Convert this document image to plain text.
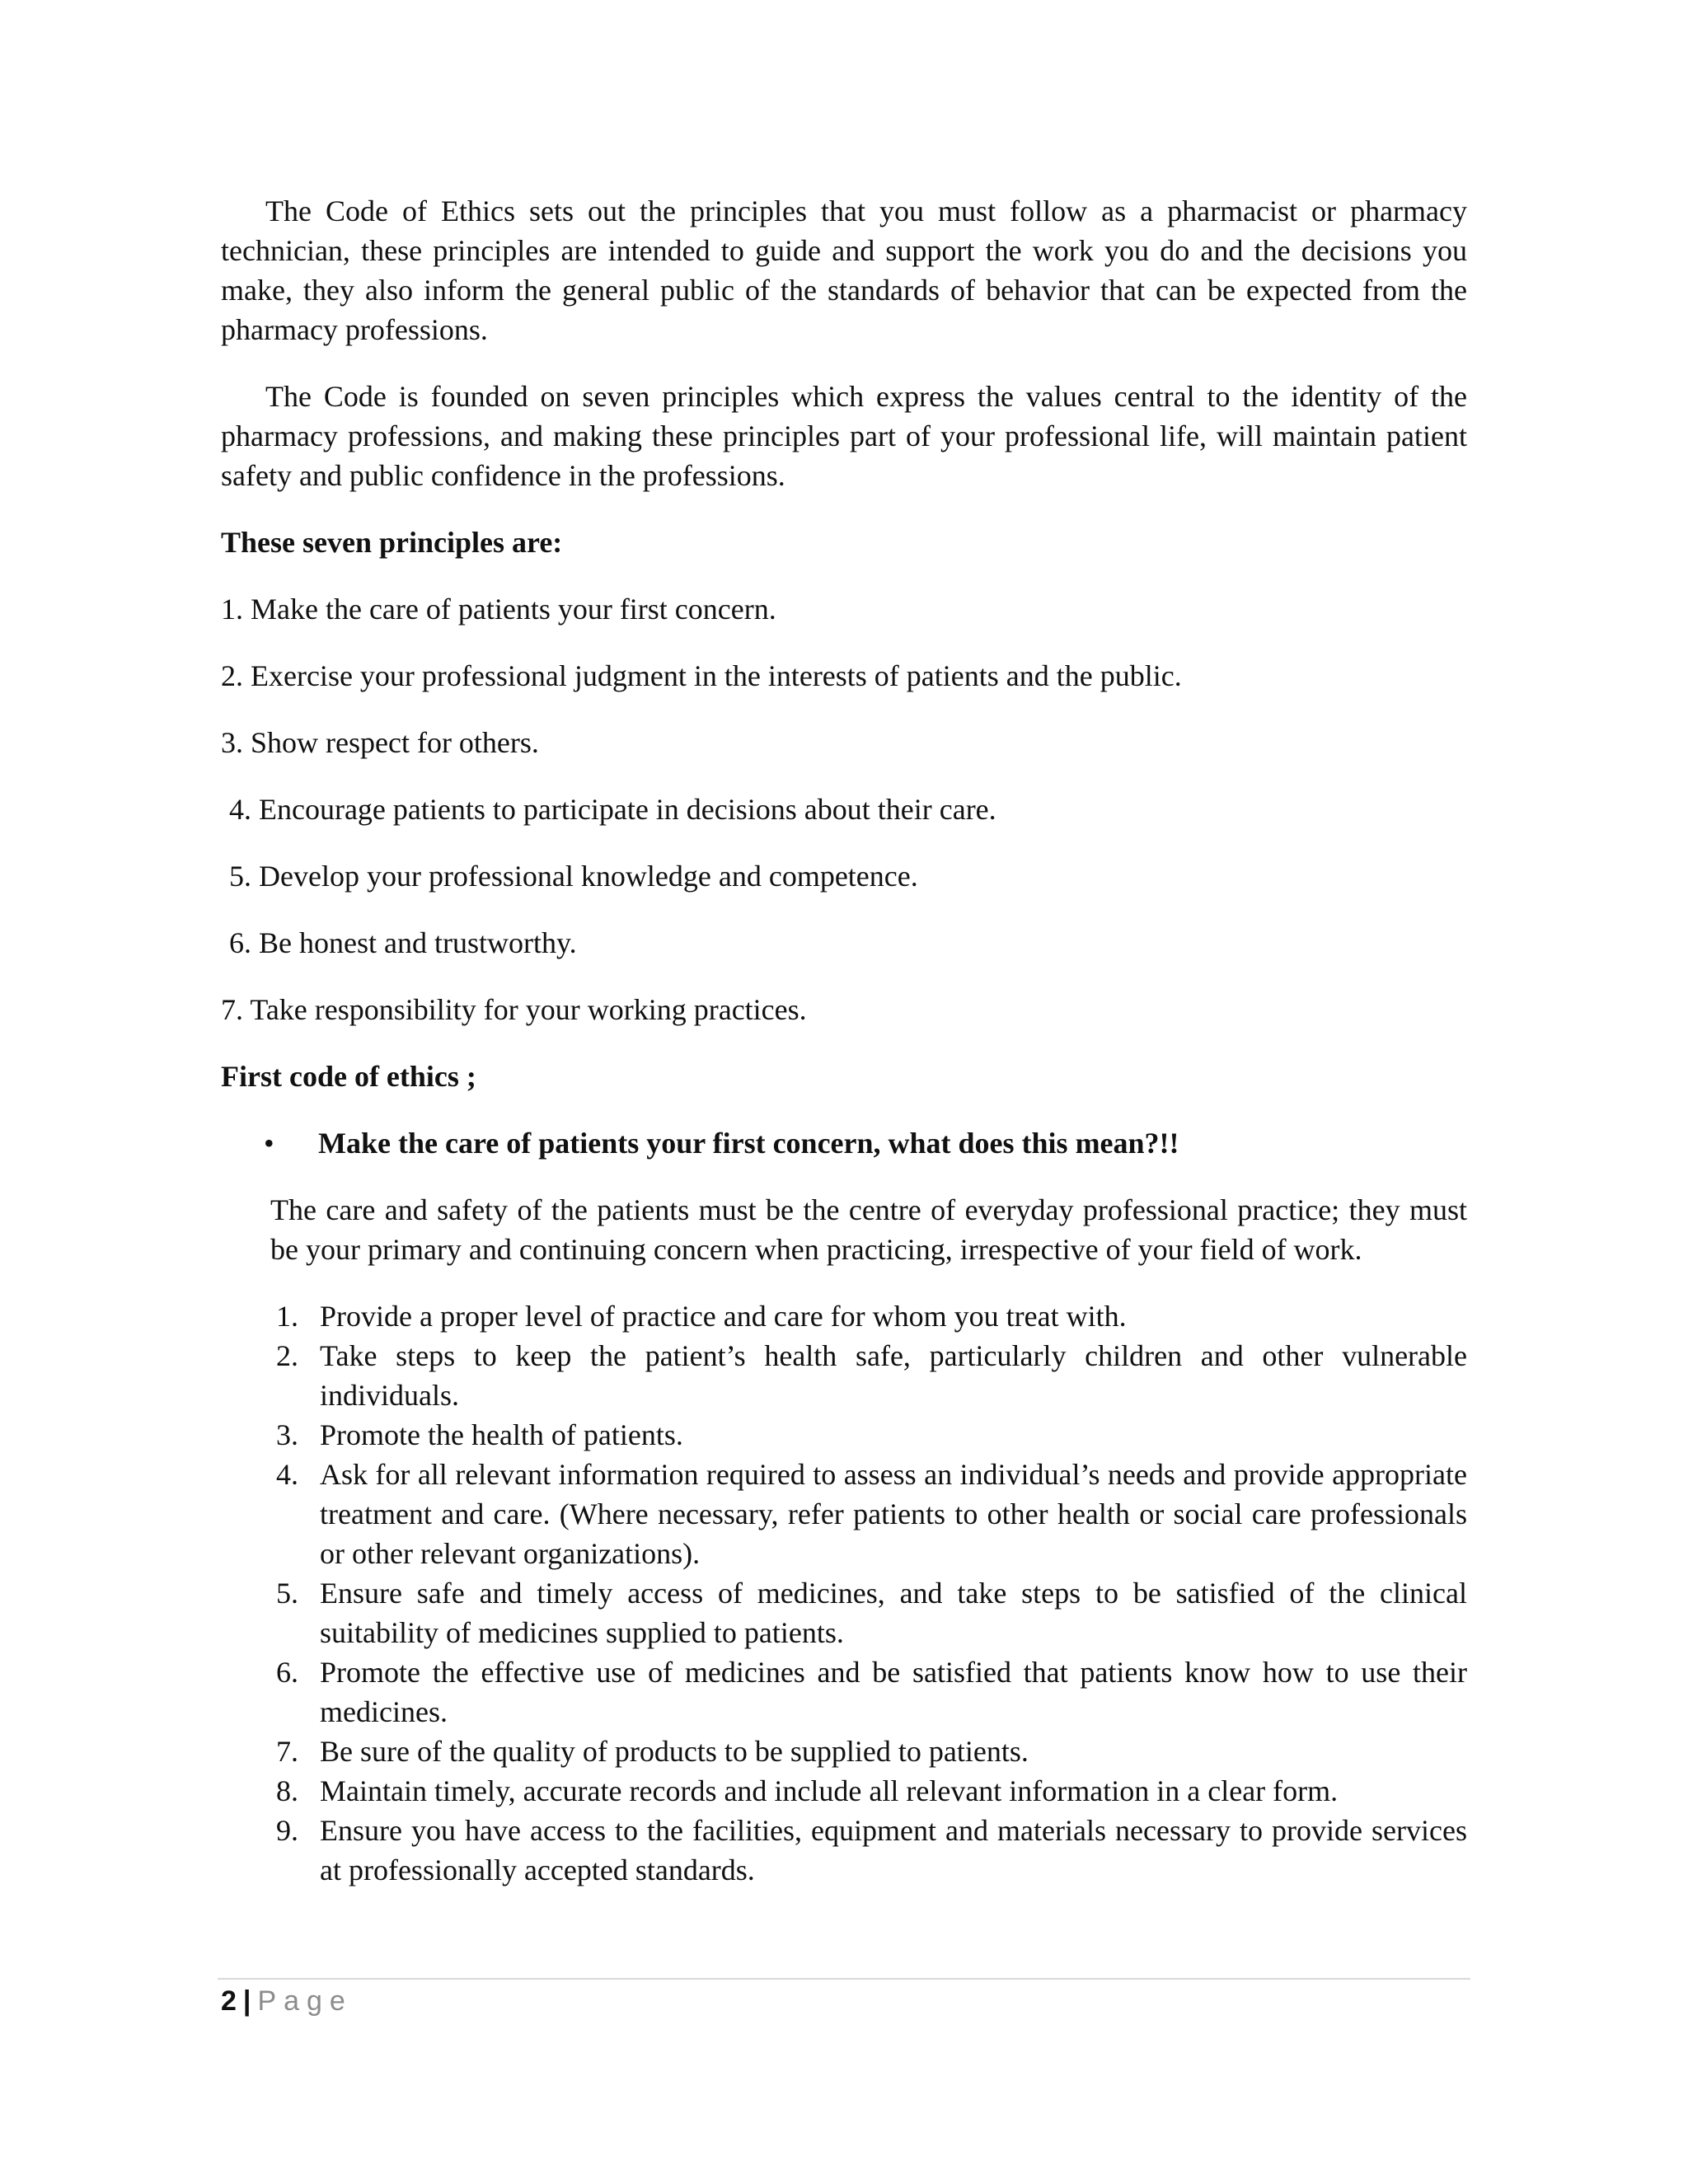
The Code of Ethics sets out the principles that you must follow as a pharmacist or pharmacy technician, these principles are intended to guide and support the work you do and the decisions you make, they also inform the general public of the standards of behavior that can be expected from the pharmacy professions.

The Code is founded on seven principles which express the values central to the identity of the pharmacy professions, and making these principles part of your professional life, will maintain patient safety and public confidence in the professions.

These seven principles are:

1. Make the care of patients your first concern.

2. Exercise your professional judgment in the interests of patients and the public.

3. Show respect for others.

4. Encourage patients to participate in decisions about their care.

5. Develop your professional knowledge and competence.

6. Be honest and trustworthy.

7. Take responsibility for your working practices.

First code of ethics ;

•	Make the care of patients your first concern, what does this mean?!!

The care and safety of the patients must be the centre of everyday professional practice; they must be your primary and continuing concern when practicing, irrespective of your field of work.

1. Provide a proper level of practice and care for whom you treat with.
2. Take steps to keep the patient’s health safe, particularly children and other vulnerable individuals.
3. Promote the health of patients.
4. Ask for all relevant information required to assess an individual’s needs and provide appropriate treatment and care. (Where necessary, refer patients to other health or social care professionals or other relevant organizations).
5. Ensure safe and timely access of medicines, and take steps to be satisfied of the clinical suitability of medicines supplied to patients.
6. Promote the effective use of medicines and be satisfied that patients know how to use their medicines.
7. Be sure of the quality of products to be supplied to patients.
8. Maintain timely, accurate records and include all relevant information in a clear form.
9. Ensure you have access to the facilities, equipment and materials necessary to provide services at professionally accepted standards.
2 | Page
